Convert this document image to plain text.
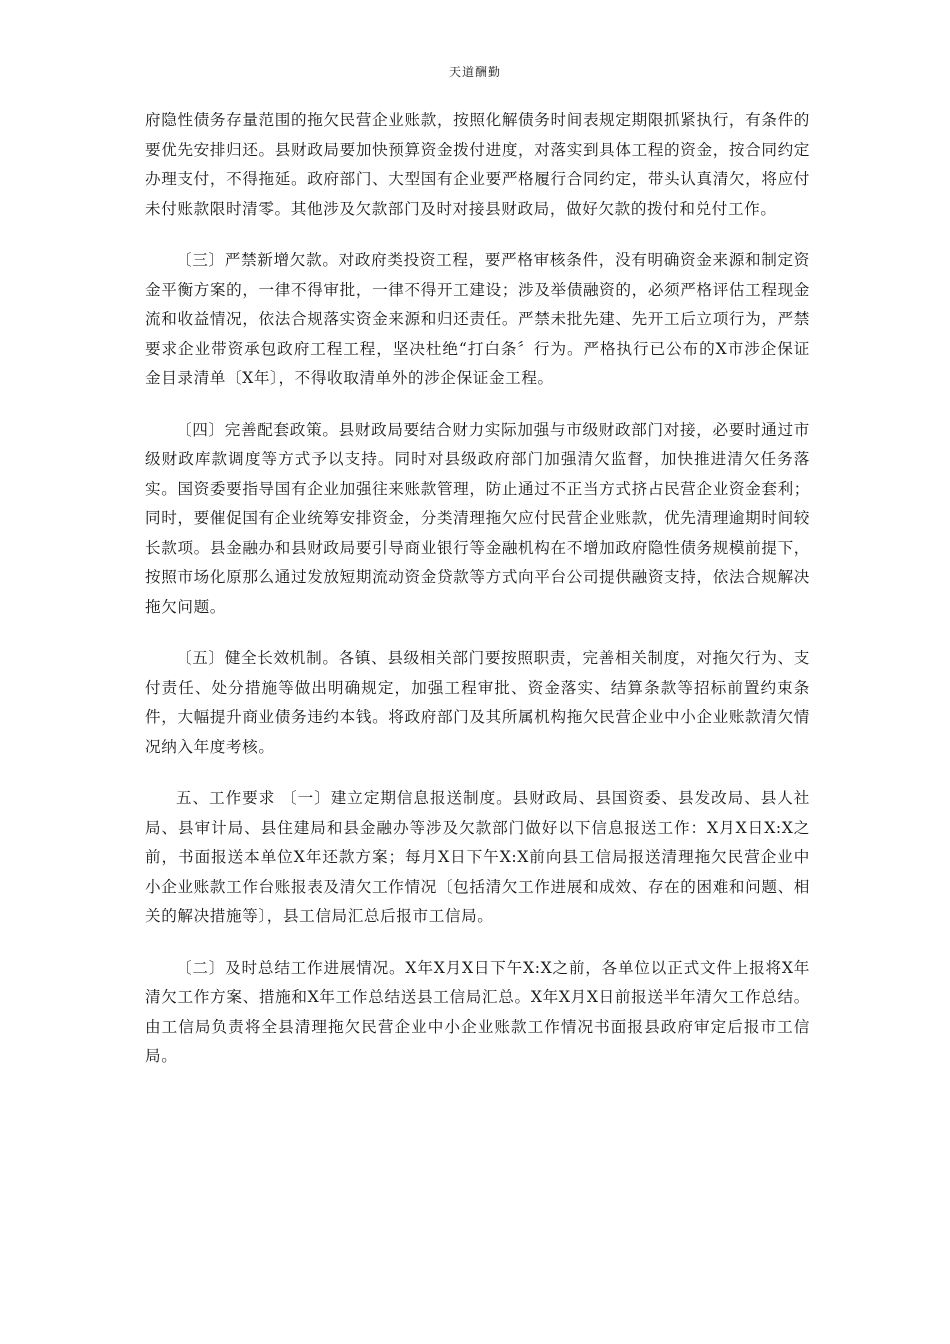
天道酬勤

府隐性债务存量范围的拖欠民营企业账款，按照化解债务时间表规定期限抓紧执行，有条件的要优先安排归还。县财政局要加快预算资金拨付进度，对落实到具体工程的资金，按合同约定办理支付，不得拖延。政府部门、大型国有企业要严格履行合同约定，带头认真清欠，将应付未付账款限时清零。其他涉及欠款部门及时对接县财政局，做好欠款的拨付和兑付工作。

〔三〕严禁新增欠款。对政府类投资工程，要严格审核条件，没有明确资金来源和制定资金平衡方案的，一律不得审批，一律不得开工建设；涉及举债融资的，必须严格评估工程现金流和收益情况，依法合规落实资金来源和归还责任。严禁未批先建、先开工后立项行为，严禁要求企业带资承包政府工程工程，坚决杜绝“打白条〞行为。严格执行已公布的X市涉企保证金目录清单〔X年〕，不得收取清单外的涉企保证金工程。

〔四〕完善配套政策。县财政局要结合财力实际加强与市级财政部门对接，必要时通过市级财政库款调度等方式予以支持。同时对县级政府部门加强清欠监督，加快推进清欠任务落实。国资委要指导国有企业加强往来账款管理，防止通过不正当方式挤占民营企业资金套利；同时，要催促国有企业统筹安排资金，分类清理拖欠应付民营企业账款，优先清理逾期时间较长款项。县金融办和县财政局要引导商业银行等金融机构在不增加政府隐性债务规模前提下，按照市场化原那么通过发放短期流动资金贷款等方式向平台公司提供融资支持，依法合规解决拖欠问题。

〔五〕健全长效机制。各镇、县级相关部门要按照职责，完善相关制度，对拖欠行为、支付责任、处分措施等做出明确规定，加强工程审批、资金落实、结算条款等招标前置约束条件，大幅提升商业债务违约本钱。将政府部门及其所属机构拖欠民营企业中小企业账款清欠情况纳入年度考核。

五、工作要求 〔一〕建立定期信息报送制度。县财政局、县国资委、县发改局、县人社局、县审计局、县住建局和县金融办等涉及欠款部门做好以下信息报送工作：X月X日X:X之前，书面报送本单位X年还款方案；每月X日下午X:X前向县工信局报送清理拖欠民营企业中小企业账款工作台账报表及清欠工作情况〔包括清欠工作进展和成效、存在的困难和问题、相关的解决措施等〕，县工信局汇总后报市工信局。

〔二〕及时总结工作进展情况。X年X月X日下午X:X之前，各单位以正式文件上报将X年清欠工作方案、措施和X年工作总结送县工信局汇总。X年X月X日前报送半年清欠工作总结。由工信局负责将全县清理拖欠民营企业中小企业账款工作情况书面报县政府审定后报市工信局。
